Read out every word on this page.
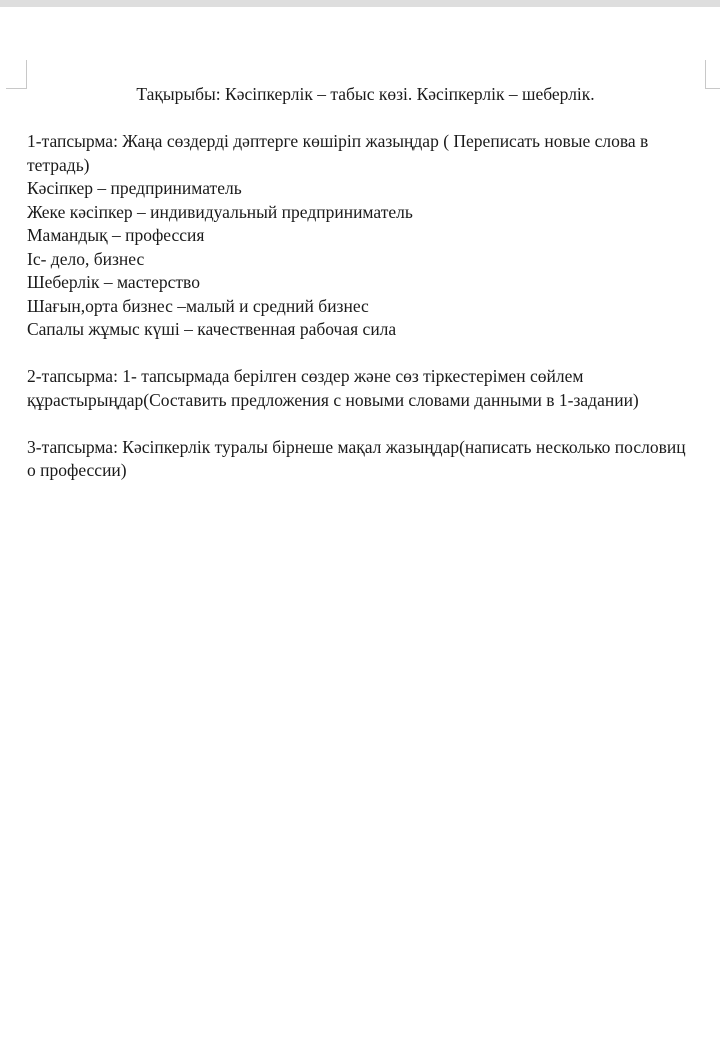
Тақырыбы: Кәсіпкерлік – табыс көзі. Кәсіпкерлік – шеберлік.

1-тапсырма: Жаңа сөздерді дәптерге көшіріп жазыңдар ( Переписать новые слова в тетрадь)

Кәсіпкер – предприниматель

Жеке кәсіпкер – индивидуальный предприниматель

Мамандық – профессия

Іс- дело, бизнес

Шеберлік – мастерство

Шағын,орта бизнес –малый и средний бизнес

Сапалы жұмыс күші – качественная рабочая сила

2-тапсырма: 1- тапсырмада берілген сөздер және сөз тіркестерімен сөйлем құрастырыңдар(Составить предложения с новыми словами данными в 1-задании)

3-тапсырма: Кәсіпкерлік туралы бірнеше мақал жазыңдар(написать несколько пословиц о профессии)
